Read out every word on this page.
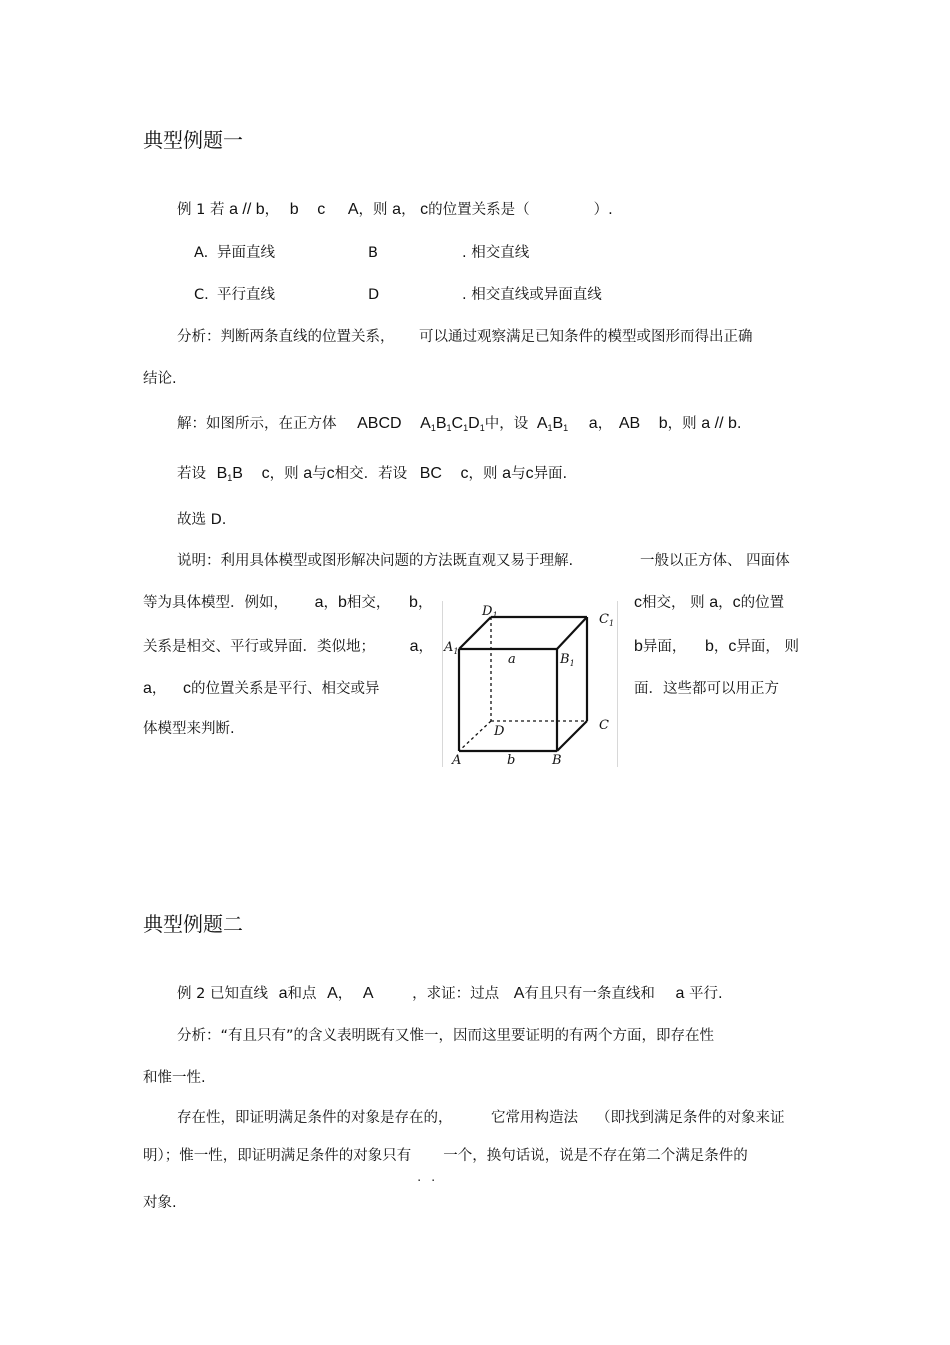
典型例题一
例 1 若 a // b， b c A，则 a， c的位置关系是（	）.
A. 异面直线	B	. 相交直线
C. 平行直线	D	. 相交直线或异面直线
分析：判断两条直线的位置关系， 可以通过观察满足已知条件的模型或图形而得出正确
结论.
解：如图所示，在正方体 ABCD A1B1C1D1中，设 A1B1 a， AB b，则 a // b.
若设 B1B c，则 a与c相交．若设 BC c，则 a与c异面.
故选 D.
说明：利用具体模型或图形解决问题的方法既直观又易于理解.	一般以正方体、 四面体
等为具体模型．例如， a，b相交， b，	c相交， 则 a，c的位置
关系是相交、平行或异面．类似地； a，	b异面， b，c异面， 则
a， c的位置关系是平行、相交或异	面．这些都可以用正方
体模型来判断.
$D_1$	$C_1$
$A_1$
$B_1$
a
D	C
A	b	B
典型例题二
例 2 已知直线 a和点 A， A	，求证：过点 A有且只有一条直线和 a 平行.
分析：“有且只有”的含义表明既有又惟一，因而这里要证明的有两个方面，即存在性
和惟一性.
存在性，即证明满足条件的对象是存在的，	它常用构造法 （即找到满足条件的对象来证
明）；惟一性，即证明满足条件的对象只有
. .
一个，换句话说，说是不存在第二个满足条件的
对象.
